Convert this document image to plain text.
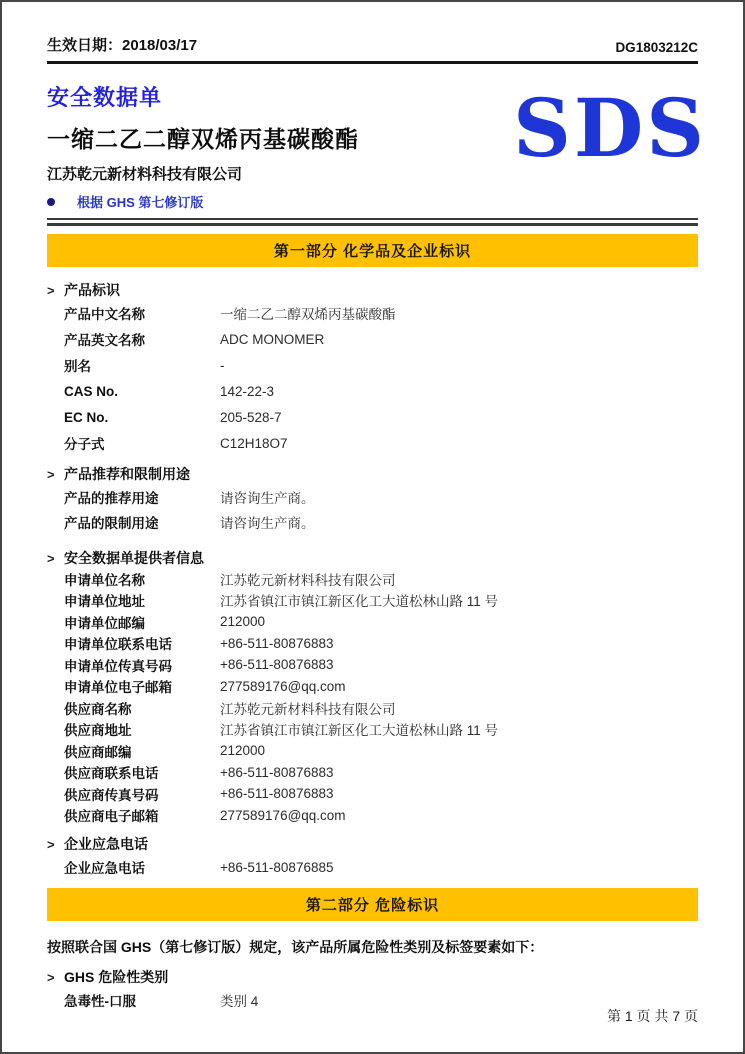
生效日期：2018/03/17	DG1803212C
安全数据单
一缩二乙二醇双烯丙基碳酸酯
江苏乾元新材料科技有限公司
根据 GHS 第七修订版
SDS
第一部分 化学品及企业标识
> 产品标识
产品中文名称	一缩二乙二醇双烯丙基碳酸酯
产品英文名称	ADC MONOMER
别名	-
CAS No.	142-22-3
EC No.	205-528-7
分子式	C12H18O7
> 产品推荐和限制用途
产品的推荐用途	请咨询生产商。
产品的限制用途	请咨询生产商。
> 安全数据单提供者信息
申请单位名称	江苏乾元新材料科技有限公司
申请单位地址	江苏省镇江市镇江新区化工大道松林山路 11 号
申请单位邮编	212000
申请单位联系电话	+86-511-80876883
申请单位传真号码	+86-511-80876883
申请单位电子邮箱	277589176@qq.com
供应商名称	江苏乾元新材料科技有限公司
供应商地址	江苏省镇江市镇江新区化工大道松林山路 11 号
供应商邮编	212000
供应商联系电话	+86-511-80876883
供应商传真号码	+86-511-80876883
供应商电子邮箱	277589176@qq.com
> 企业应急电话
企业应急电话	+86-511-80876885
第二部分 危险标识
按照联合国 GHS（第七修订版）规定，该产品所属危险性类别及标签要素如下：
> GHS 危险性类别
急毒性-口服	类别 4
第 1 页 共 7 页
